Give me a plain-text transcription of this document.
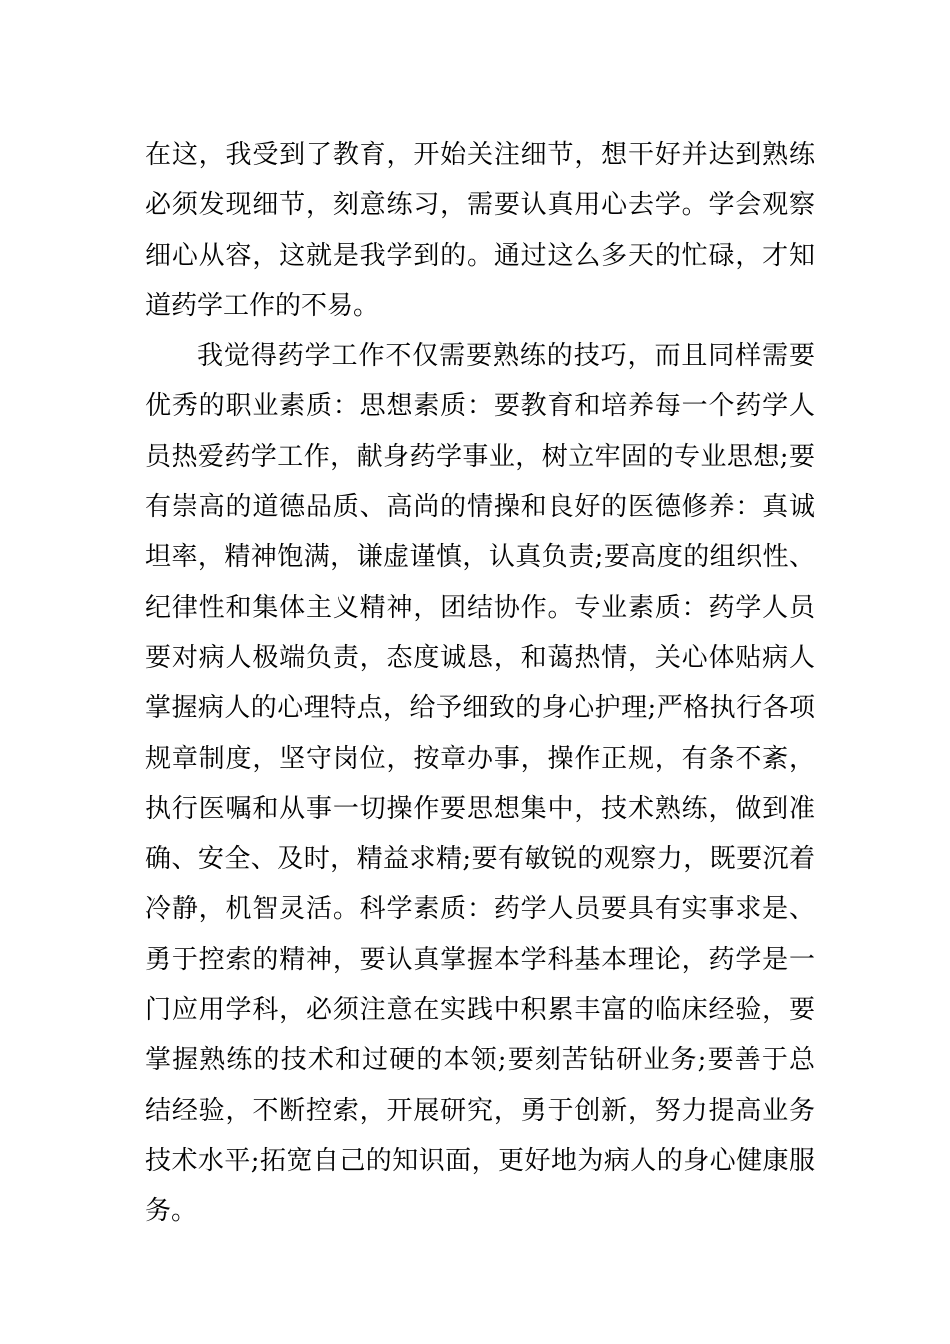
在这，我受到了教育，开始关注细节，想干好并达到熟练
必须发现细节，刻意练习，需要认真用心去学。学会观察
细心从容，这就是我学到的。通过这么多天的忙碌，才知
道药学工作的不易。
我觉得药学工作不仅需要熟练的技巧，而且同样需要
优秀的职业素质：思想素质：要教育和培养每一个药学人
员热爱药学工作，献身药学事业，树立牢固的专业思想;要
有崇高的道德品质、高尚的情操和良好的医德修养：真诚
坦率，精神饱满，谦虚谨慎，认真负责;要高度的组织性、
纪律性和集体主义精神，团结协作。专业素质：药学人员
要对病人极端负责，态度诚恳，和蔼热情，关心体贴病人
掌握病人的心理特点，给予细致的身心护理;严格执行各项
规章制度，坚守岗位，按章办事，操作正规，有条不紊，
执行医嘱和从事一切操作要思想集中，技术熟练，做到准
确、安全、及时，精益求精;要有敏锐的观察力，既要沉着
冷静，机智灵活。科学素质：药学人员要具有实事求是、
勇于控索的精神，要认真掌握本学科基本理论，药学是一
门应用学科，必须注意在实践中积累丰富的临床经验，要
掌握熟练的技术和过硬的本领;要刻苦钻研业务;要善于总
结经验，不断控索，开展研究，勇于创新，努力提高业务
技术水平;拓宽自己的知识面，更好地为病人的身心健康服
务。
